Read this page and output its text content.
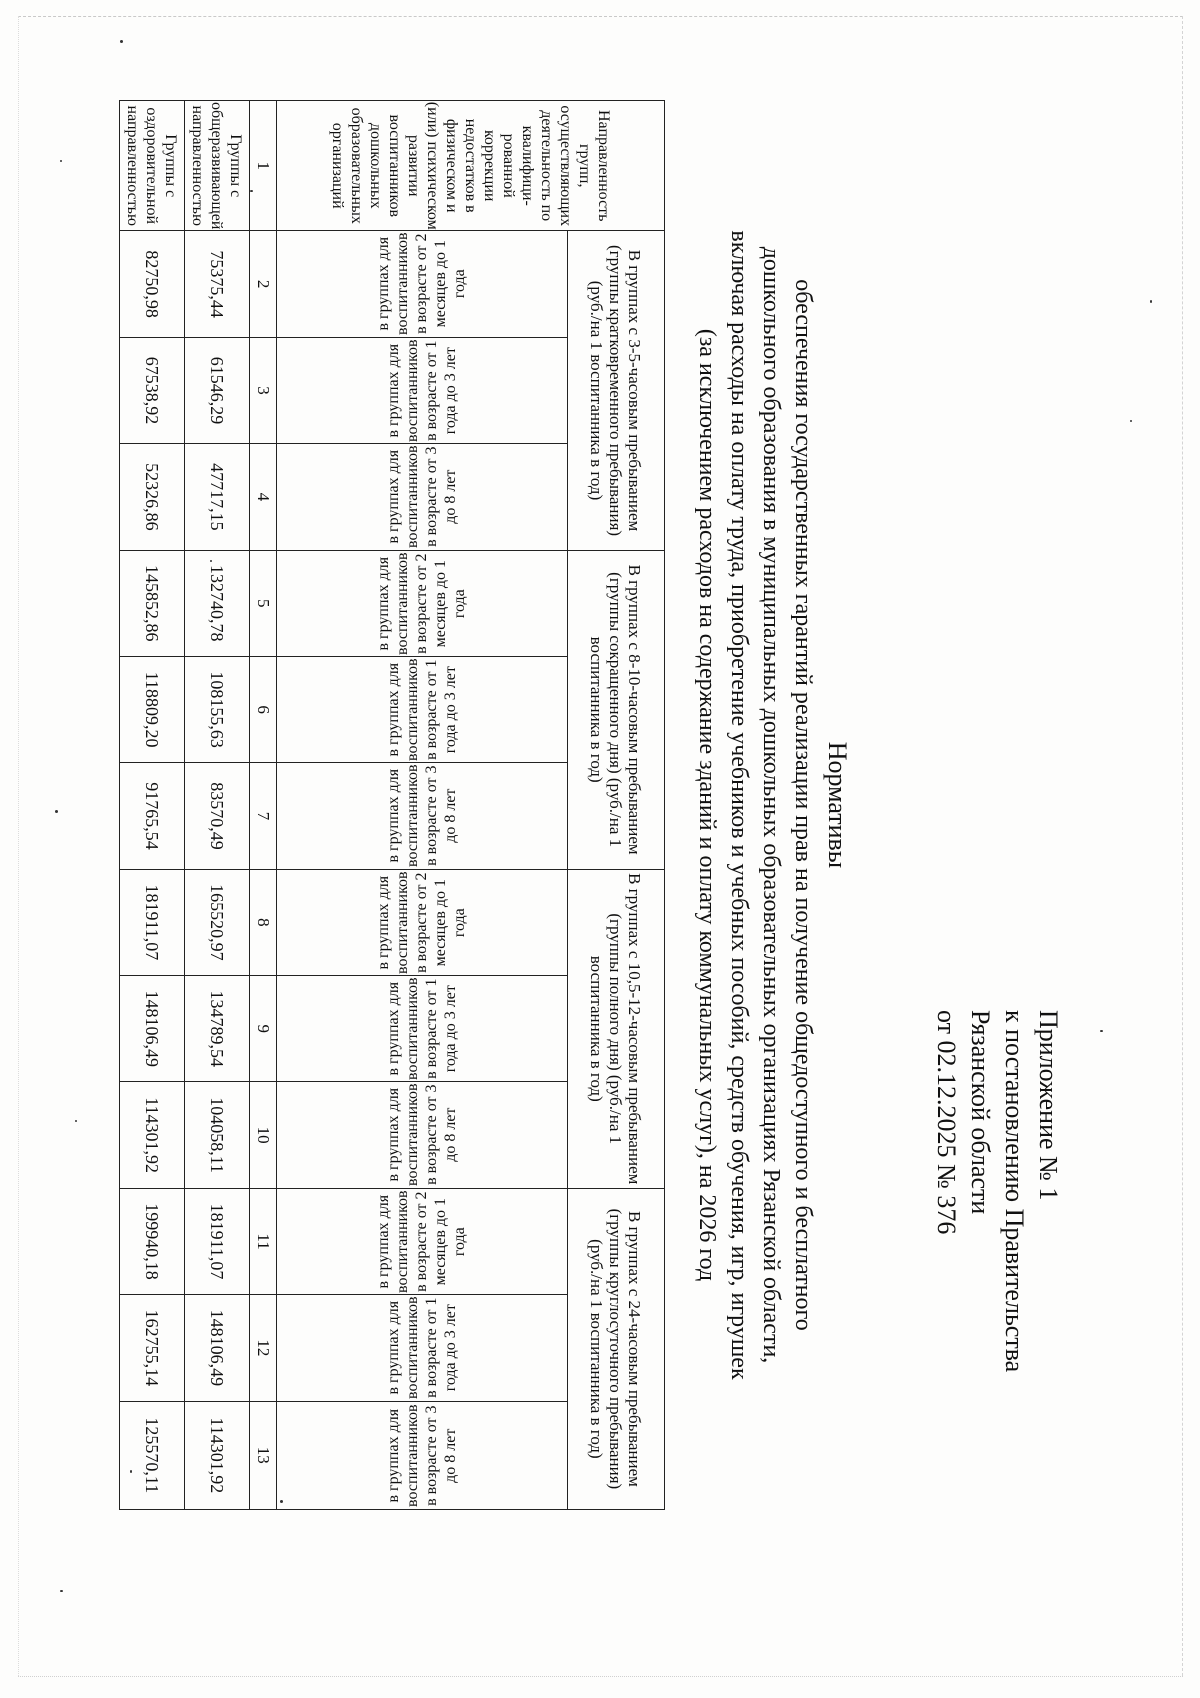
Приложение № 1
к постановлению Правительства
Рязанской области
от 02.12.2025 № 376
Нормативы
обеспечения государственных гарантий реализации прав на получение общедоступного и бесплатного
дошкольного образования в муниципальных дошкольных образовательных организациях Рязанской области,
включая расходы на оплату труда, приобретение учебников и учебных пособий, средств обучения, игр, игрушек
(за исключением расходов на содержание зданий и оплату коммунальных услуг), на 2026 год
Направленность групп, осуществляющих деятельность по квалифици-рованной коррекции недостатков в физическом и (или) психическом развитии воспитанников дошкольных образовательных организаций	В группах с 3-5-часовым пребыванием (группы кратковременного пребывания) (руб./на 1 воспитанника в год)			В группах с 8-10-часовым пребыванием (группы сокращенного дня) (руб./на 1 воспитанника в год)			В группах с 10,5-12-часовым пребыванием (группы полного дня) (руб./на 1 воспитанника в год)			В группах с 24-часовым пребыванием (группы круглосуточного пребывания) (руб./на 1 воспитанника в год)		

	в группах для воспитанников в возрасте от 2 месяцев до 1 года	в группах для воспитанников в возрасте от 1 года до 3 лет	в группах для воспитанников в возрасте от 3 до 8 лет	в группах для воспитанников в возрасте от 2 месяцев до 1 года	в группах для воспитанников в возрасте от 1 года до 3 лет	в группах для воспитанников в возрасте от 3 до 8 лет	в группах для воспитанников в возрасте от 2 месяцев до 1 года	в группах для воспитанников в возрасте от 1 года до 3 лет	в группах для воспитанников в возрасте от 3 до 8 лет	в группах для воспитанников в возрасте от 2 месяцев до 1 года	в группах для воспитанников в возрасте от 1 года до 3 лет	в группах для воспитанников в возрасте от 3 до 8 лет

1	2	3	4	5	6	7	8	9	10	11	12	13
Группы с общеразвивающей направленностью	75375,44	61546,29	47717,15	132740,78	108155,63	83570,49	165520,97	134789,54	104058,11	181911,07	148106,49	114301,92
Группы с оздоровительной направленностью	82750,98	67538,92	52326,86	145852,86	118809,20	91765,54	181911,07	148106,49	114301,92	199940,18	162755,14	125570,11
